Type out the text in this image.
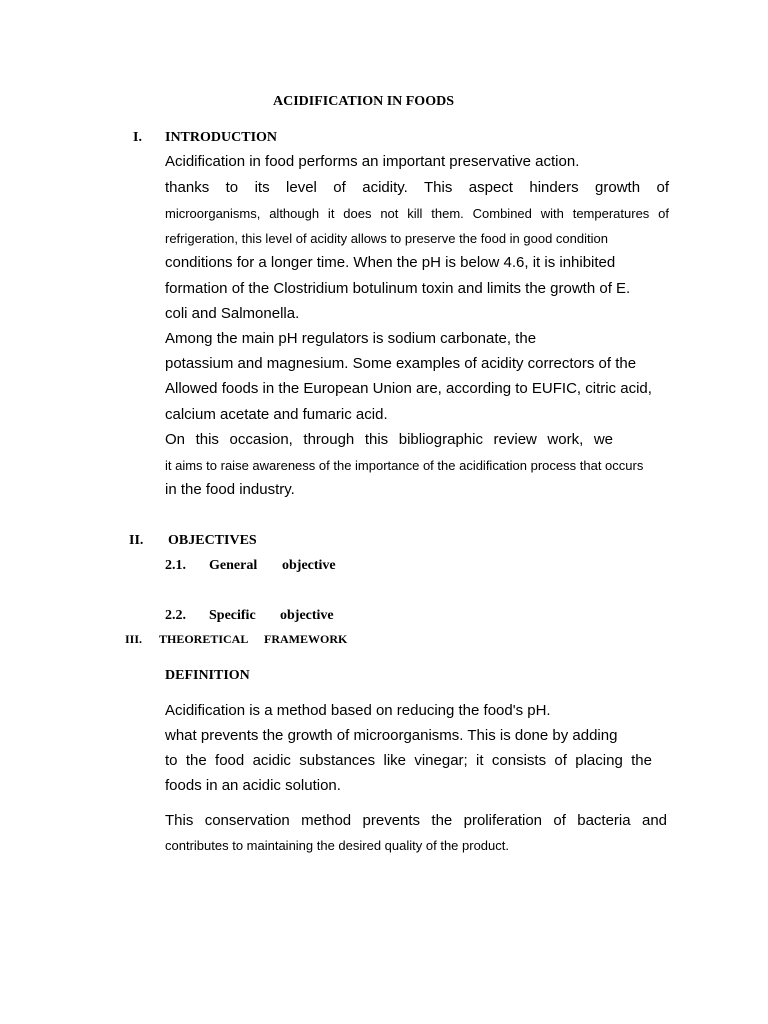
ACIDIFICATION IN FOODS
I. INTRODUCTION
Acidification in food performs an important preservative action.
thanks to its level of acidity. This aspect hinders growth of
microorganisms, although it does not kill them. Combined with temperatures of
refrigeration, this level of acidity allows to preserve the food in good condition
conditions for a longer time. When the pH is below 4.6, it is inhibited
formation of the Clostridium botulinum toxin and limits the growth of E.
coli and Salmonella.
Among the main pH regulators is sodium carbonate, the
potassium and magnesium. Some examples of acidity correctors of the
Allowed foods in the European Union are, according to EUFIC, citric acid,
calcium acetate and fumaric acid.
On this occasion, through this bibliographic review work, we
it aims to raise awareness of the importance of the acidification process that occurs
in the food industry.
II. OBJECTIVES
2.1. General objective
2.2. Specific objective
III. THEORETICAL FRAMEWORK
DEFINITION
Acidification is a method based on reducing the food's pH.
what prevents the growth of microorganisms. This is done by adding
to the food acidic substances like vinegar; it consists of placing the
foods in an acidic solution.
This conservation method prevents the proliferation of bacteria and
contributes to maintaining the desired quality of the product.
